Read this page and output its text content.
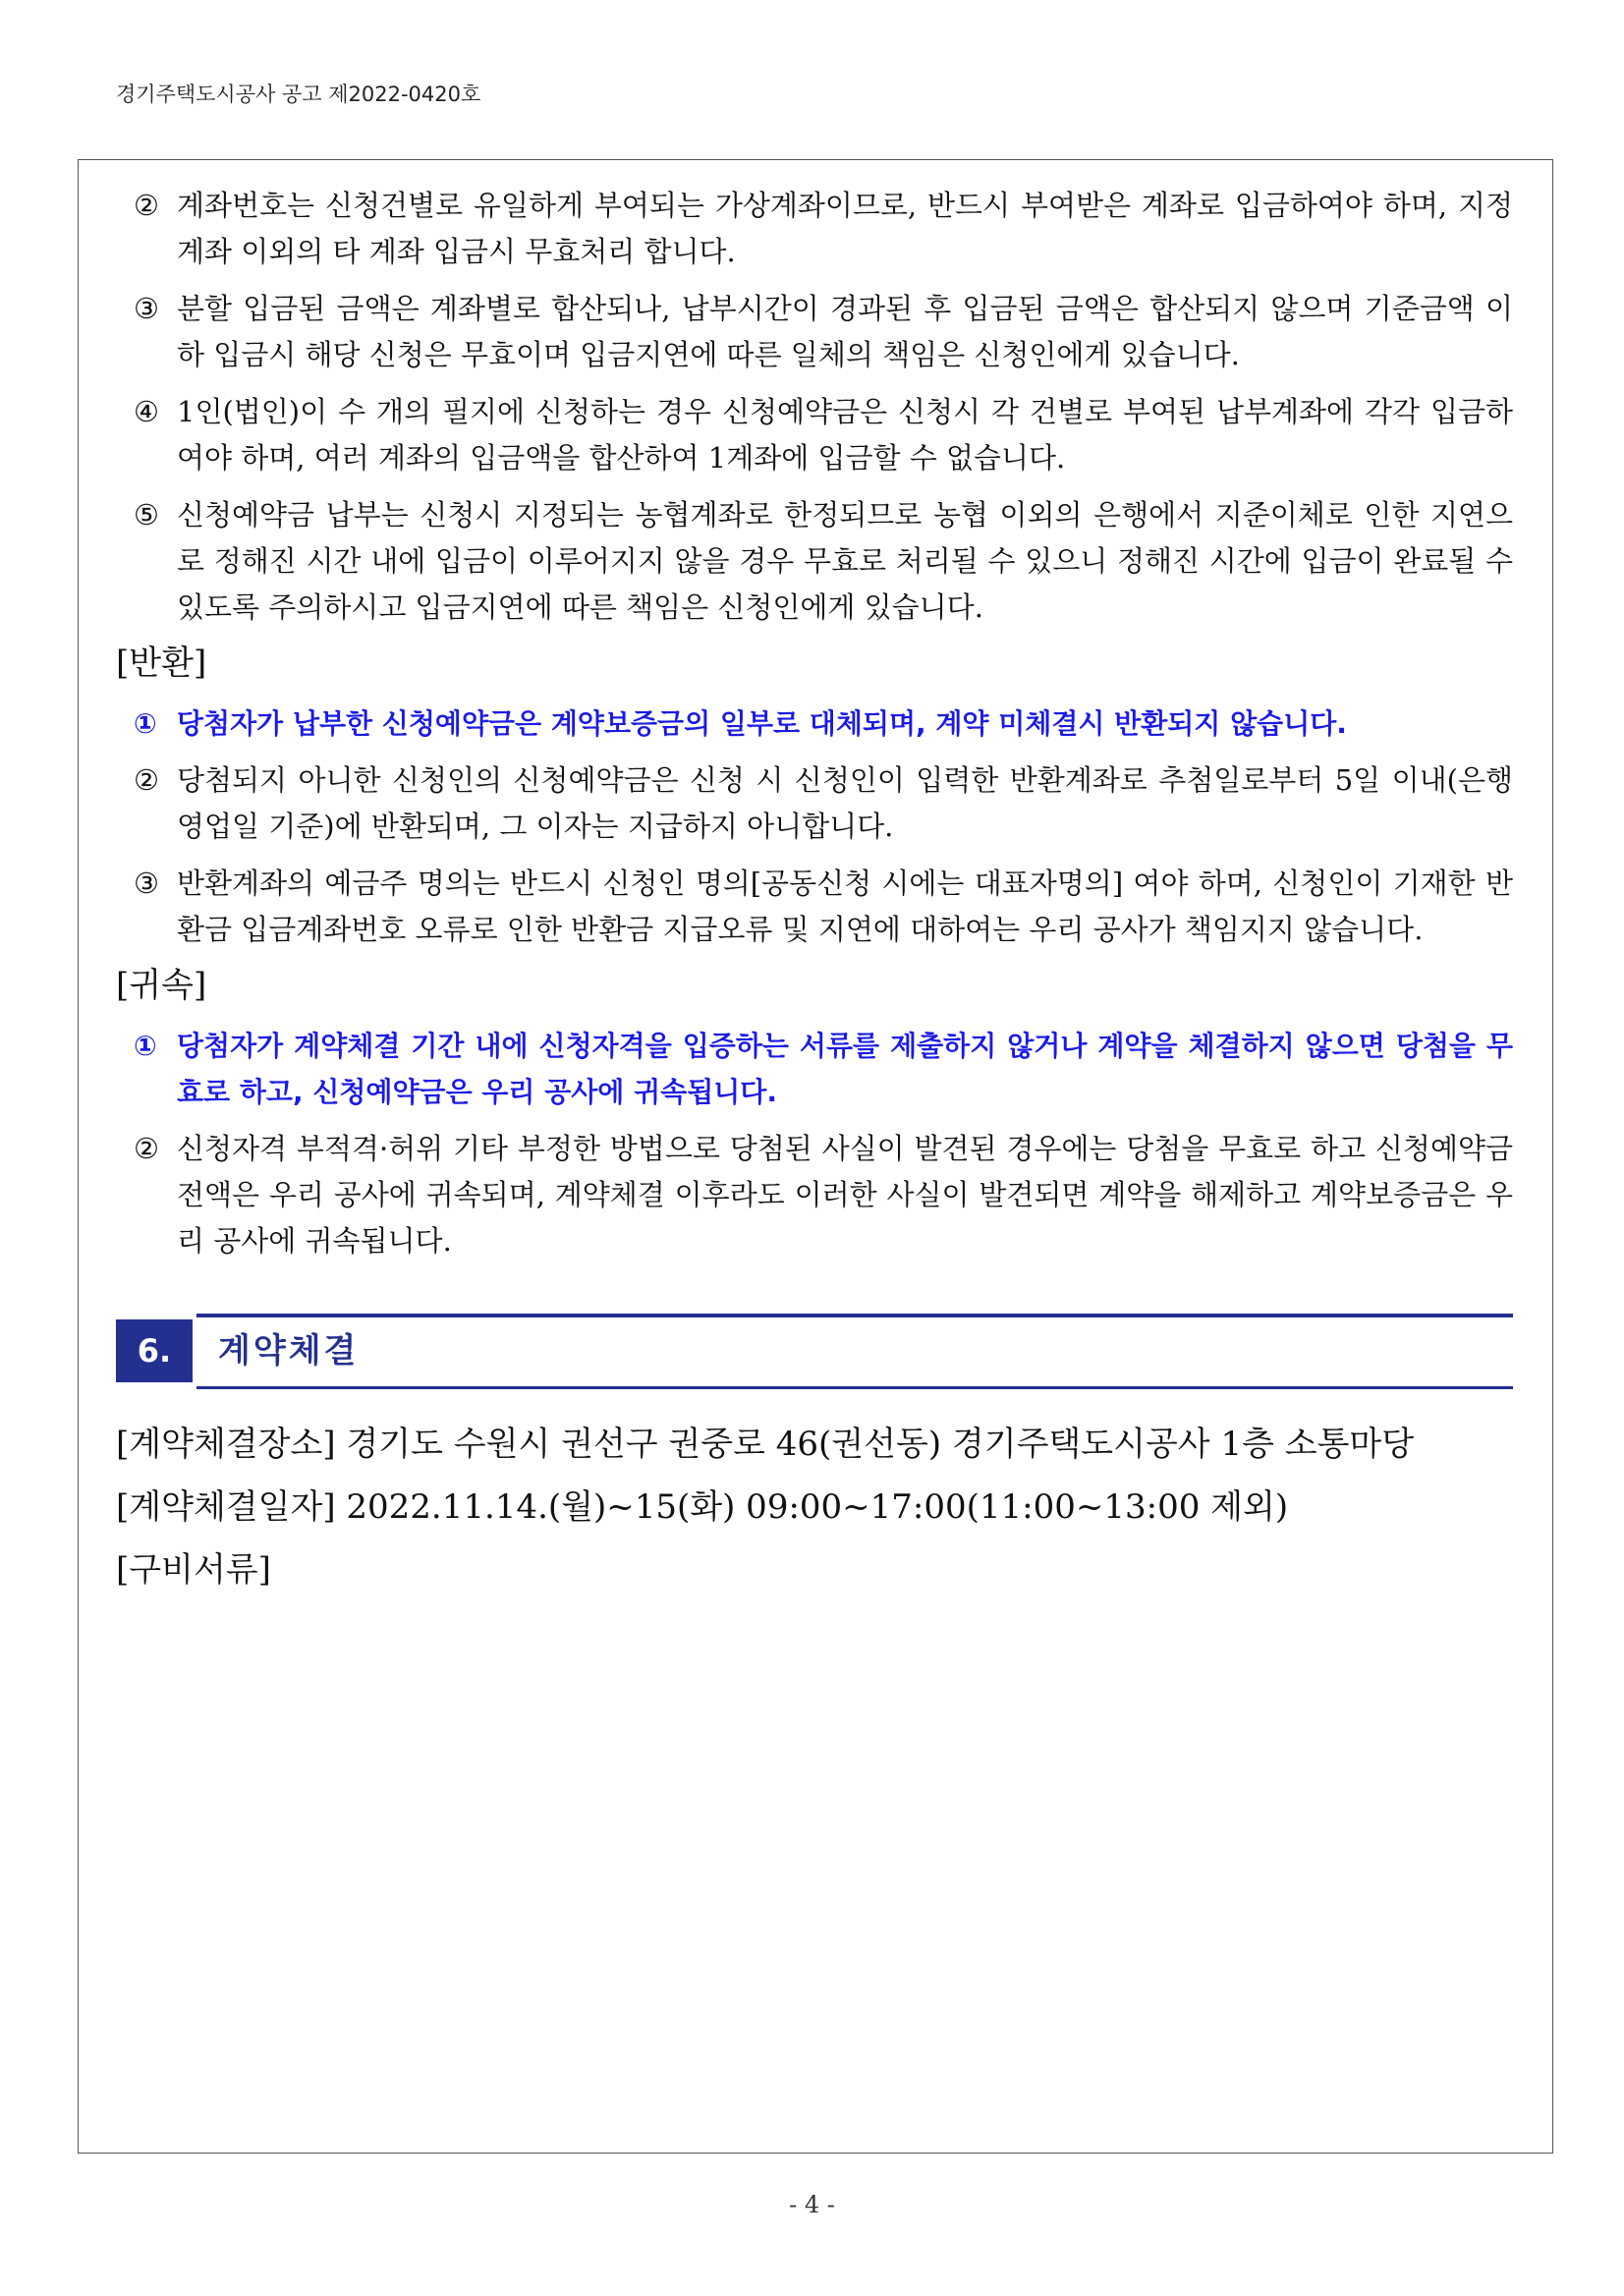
경기주택도시공사 공고 제2022-0420호
② 계좌번호는 신청건별로 유일하게 부여되는 가상계좌이므로, 반드시 부여받은 계좌로 입금하여야 하며, 지정계좌 이외의 타 계좌 입금시 무효처리 합니다.
③ 분할 입금된 금액은 계좌별로 합산되나, 납부시간이 경과된 후 입금된 금액은 합산되지 않으며 기준금액 이하 입금시 해당 신청은 무효이며 입금지연에 따른 일체의 책임은 신청인에게 있습니다.
④ 1인(법인)이 수 개의 필지에 신청하는 경우 신청예약금은 신청시 각 건별로 부여된 납부계좌에 각각 입금하여야 하며, 여러 계좌의 입금액을 합산하여 1계좌에 입금할 수 없습니다.
⑤ 신청예약금 납부는 신청시 지정되는 농협계좌로 한정되므로 농협 이외의 은행에서 지준이체로 인한 지연으로 정해진 시간 내에 입금이 이루어지지 않을 경우 무효로 처리될 수 있으니 정해진 시간에 입금이 완료될 수 있도록 주의하시고 입금지연에 따른 책임은 신청인에게 있습니다.
[반환]
① 당첨자가 납부한 신청예약금은 계약보증금의 일부로 대체되며, 계약 미체결시 반환되지 않습니다.
② 당첨되지 아니한 신청인의 신청예약금은 신청 시 신청인이 입력한 반환계좌로 추첨일로부터 5일 이내(은행영업일 기준)에 반환되며, 그 이자는 지급하지 아니합니다.
③ 반환계좌의 예금주 명의는 반드시 신청인 명의[공동신청 시에는 대표자명의] 여야 하며, 신청인이 기재한 반환금 입금계좌번호 오류로 인한 반환금 지급오류 및 지연에 대하여는 우리 공사가 책임지지 않습니다.
[귀속]
① 당첨자가 계약체결 기간 내에 신청자격을 입증하는 서류를 제출하지 않거나 계약을 체결하지 않으면 당첨을 무효로 하고, 신청예약금은 우리 공사에 귀속됩니다.
② 신청자격 부적격·허위 기타 부정한 방법으로 당첨된 사실이 발견된 경우에는 당첨을 무효로 하고 신청예약금 전액은 우리 공사에 귀속되며, 계약체결 이후라도 이러한 사실이 발견되면 계약을 해제하고 계약보증금은 우리 공사에 귀속됩니다.
6.	계약체결
[계약체결장소] 경기도 수원시 권선구 권중로 46(권선동) 경기주택도시공사 1층 소통마당
[계약체결일자] 2022.11.14.(월)~15(화) 09:00~17:00(11:00~13:00 제외)
[구비서류]
- 4 -
